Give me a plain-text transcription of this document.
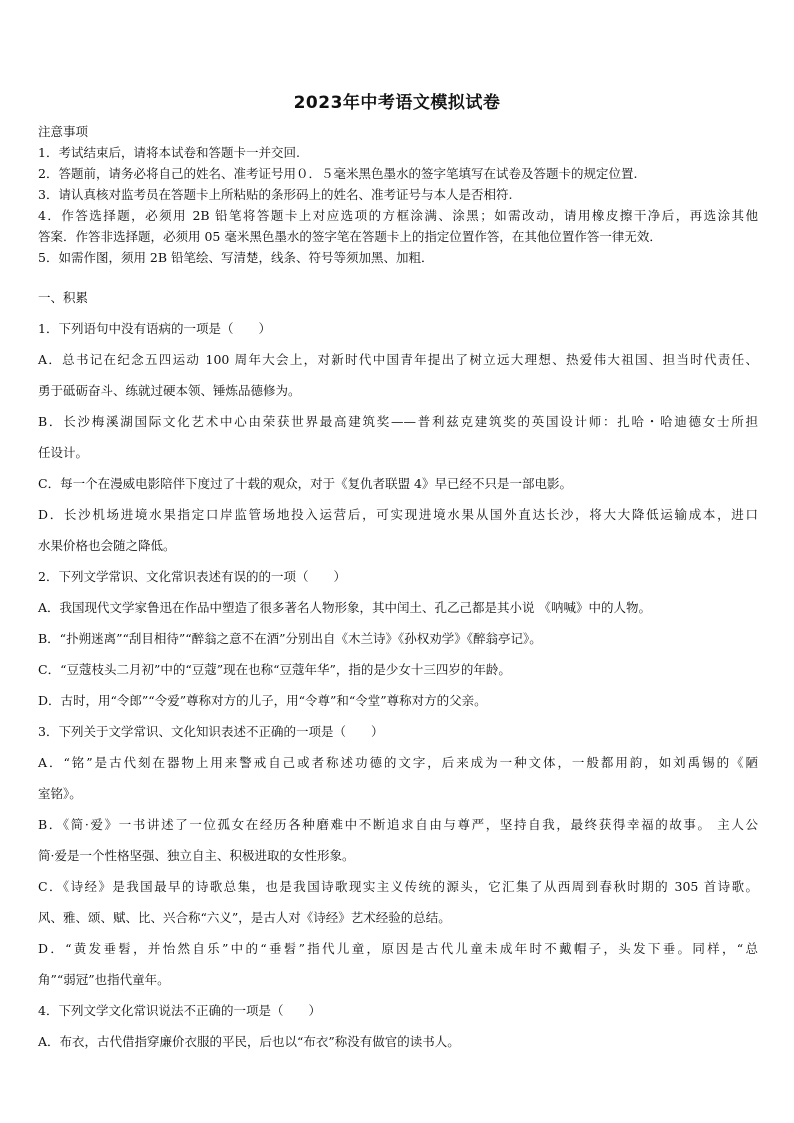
2023年中考语文模拟试卷
注意事项
1．考试结束后，请将本试卷和答题卡一并交回.
2．答题前，请务必将自己的姓名、准考证号用０．５毫米黑色墨水的签字笔填写在试卷及答题卡的规定位置.
3．请认真核对监考员在答题卡上所粘贴的条形码上的姓名、准考证号与本人是否相符.
4．作答选择题，必须用 2B 铅笔将答题卡上对应选项的方框涂满、涂黑；如需改动，请用橡皮擦干净后，再选涂其他
答案．作答非选择题，必须用 05 毫米黑色墨水的签字笔在答题卡上的指定位置作答，在其他位置作答一律无效．
5．如需作图，须用 2B 铅笔绘、写清楚，线条、符号等须加黑、加粗．
一、积累
1．下列语句中没有语病的一项是（　　）
A．总书记在纪念五四运动 100 周年大会上，对新时代中国青年提出了树立远大理想、热爱伟大祖国、担当时代责任、
勇于砥砺奋斗、练就过硬本领、锤炼品德修为。
B．长沙梅溪湖国际文化艺术中心由荣获世界最高建筑奖——普利兹克建筑奖的英国设计师：扎哈・哈迪德女士所担
任设计。
C．每一个在漫威电影陪伴下度过了十载的观众，对于《复仇者联盟 4》早已经不只是一部电影。
D．长沙机场进境水果指定口岸监管场地投入运营后，可实现进境水果从国外直达长沙，将大大降低运输成本，进口
水果价格也会随之降低。
2．下列文学常识、文化常识表述有误的的一项（　　）
A．我国现代文学家鲁迅在作品中塑造了很多著名人物形象，其中闰土、孔乙己都是其小说 《呐喊》中的人物。
B．“扑朔迷离”“刮目相待”“醉翁之意不在酒”分别出自《木兰诗》《孙权劝学》《醉翁亭记》。
C．“豆蔻枝头二月初”中的“豆蔻”现在也称“豆蔻年华”，指的是少女十三四岁的年龄。
D．古时，用“令郎”“令爱”尊称对方的儿子，用“令尊”和“令堂”尊称对方的父亲。
3．下列关于文学常识、文化知识表述不正确的一项是（　　）
A．“铭”是古代刻在器物上用来警戒自己或者称述功德的文字，后来成为一种文体，一般都用韵，如刘禹锡的《陋
室铭》。
B．《简·爱》一书讲述了一位孤女在经历各种磨难中不断追求自由与尊严，坚持自我，最终获得幸福的故事。 主人公
简·爱是一个性格坚强、独立自主、积极进取的女性形象。
C．《诗经》是我国最早的诗歌总集，也是我国诗歌现实主义传统的源头，它汇集了从西周到春秋时期的 305 首诗歌。
风、雅、颂、赋、比、兴合称“六义”，是古人对《诗经》艺术经验的总结。
D．“黄发垂髫，并怡然自乐”中的“垂髫”指代儿童，原因是古代儿童未成年时不戴帽子，头发下垂。同样，“总
角”“弱冠”也指代童年。
4．下列文学文化常识说法不正确的一项是（　　）
A．布衣，古代借指穿廉价衣服的平民，后也以“布衣”称没有做官的读书人。
